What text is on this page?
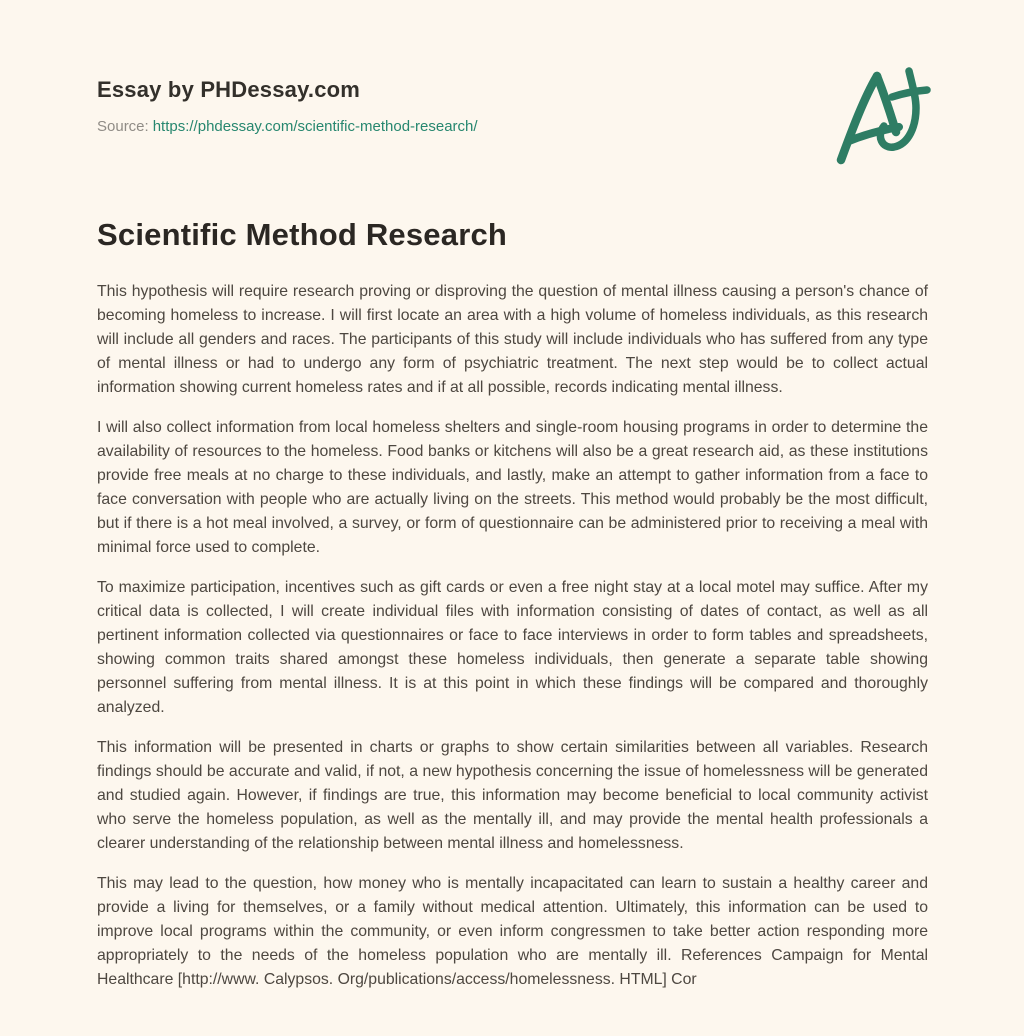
Essay by PHDessay.com
Source: https://phdessay.com/scientific-method-research/
Scientific Method Research

This hypothesis will require research proving or disproving the question of mental illness causing a person's chance of becoming homeless to increase. I will first locate an area with a high volume of homeless individuals, as this research will include all genders and races. The participants of this study will include individuals who has suffered from any type of mental illness or had to undergo any form of psychiatric treatment. The next step would be to collect actual information showing current homeless rates and if at all possible, records indicating mental illness.

I will also collect information from local homeless shelters and single-room housing programs in order to determine the availability of resources to the homeless. Food banks or kitchens will also be a great research aid, as these institutions provide free meals at no charge to these individuals, and lastly, make an attempt to gather information from a face to face conversation with people who are actually living on the streets. This method would probably be the most difficult, but if there is a hot meal involved, a survey, or form of questionnaire can be administered prior to receiving a meal with minimal force used to complete.

To maximize participation, incentives such as gift cards or even a free night stay at a local motel may suffice. After my critical data is collected, I will create individual files with information consisting of dates of contact, as well as all pertinent information collected via questionnaires or face to face interviews in order to form tables and spreadsheets, showing common traits shared amongst these homeless individuals, then generate a separate table showing personnel suffering from mental illness. It is at this point in which these findings will be compared and thoroughly analyzed.

This information will be presented in charts or graphs to show certain similarities between all variables. Research findings should be accurate and valid, if not, a new hypothesis concerning the issue of homelessness will be generated and studied again. However, if findings are true, this information may become beneficial to local community activist who serve the homeless population, as well as the mentally ill, and may provide the mental health professionals a clearer understanding of the relationship between mental illness and homelessness.

This may lead to the question, how money who is mentally incapacitated can learn to sustain a healthy career and provide a living for themselves, or a family without medical attention. Ultimately, this information can be used to improve local programs within the community, or even inform congressmen to take better action responding more appropriately to the needs of the homeless population who are mentally ill. References Campaign for Mental Healthcare [http://www. Calypsos. Org/publications/access/homelessness. HTML] Cor
